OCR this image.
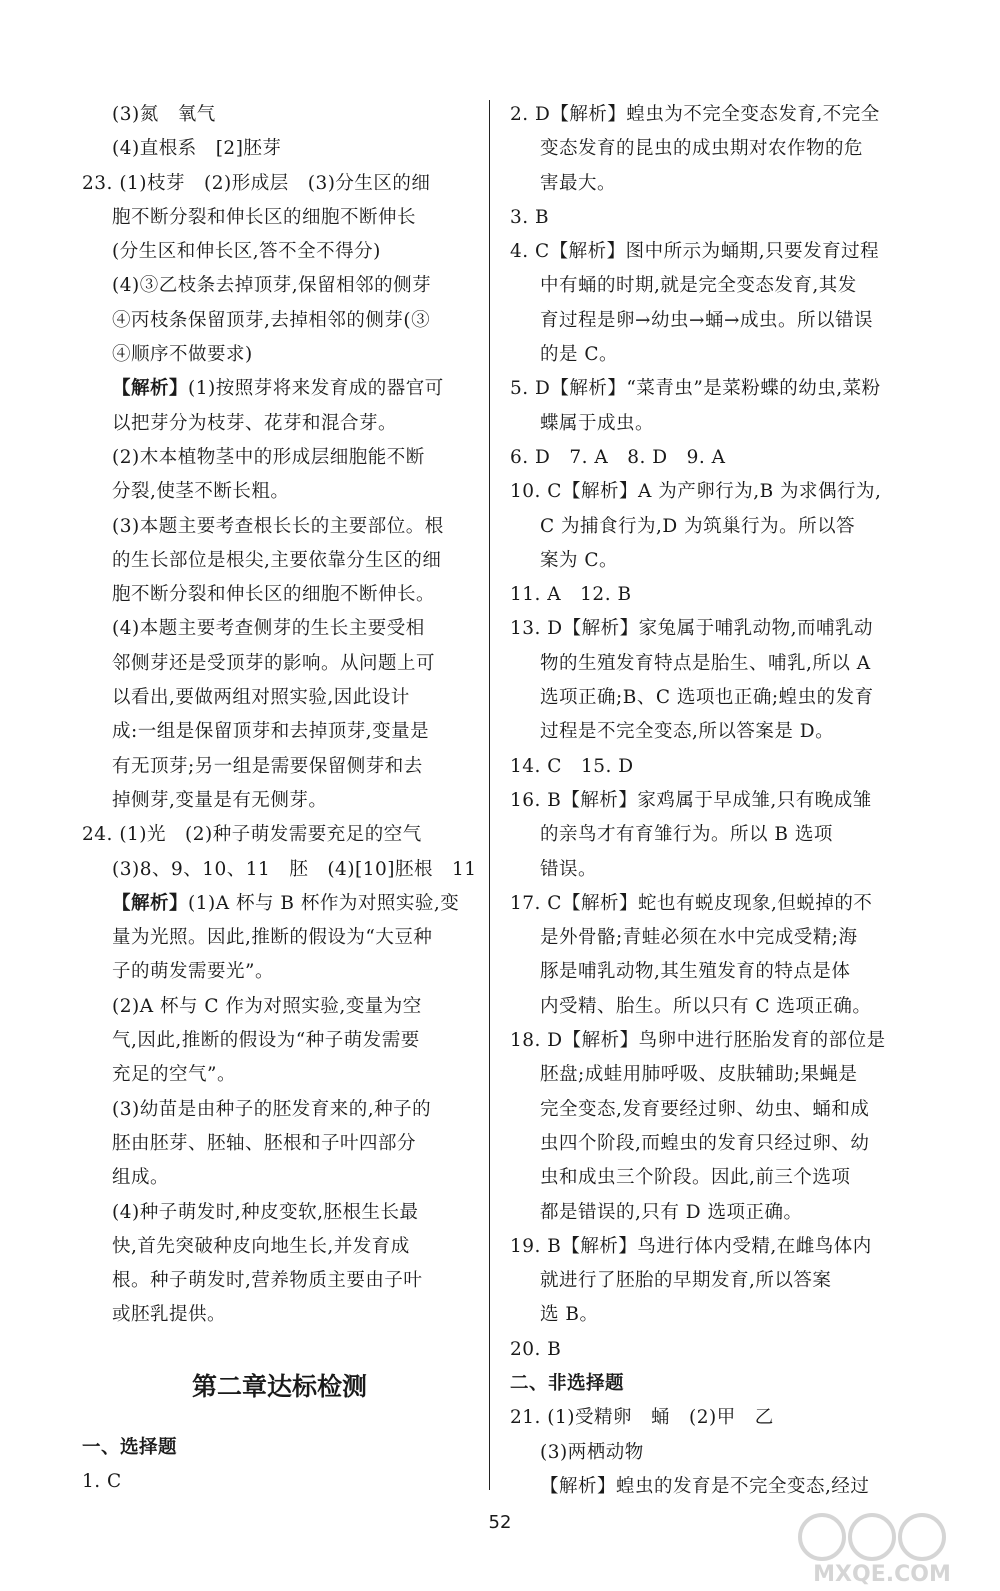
(3)氮　氧气
(4)直根系　[2]胚芽
23. (1)枝芽　(2)形成层　(3)分生区的细
胞不断分裂和伸长区的细胞不断伸长
(分生区和伸长区,答不全不得分)
(4)③乙枝条去掉顶芽,保留相邻的侧芽
④丙枝条保留顶芽,去掉相邻的侧芽(③
④顺序不做要求)
【解析】(1)按照芽将来发育成的器官可
以把芽分为枝芽、花芽和混合芽。
(2)木本植物茎中的形成层细胞能不断
分裂,使茎不断长粗。
(3)本题主要考查根长长的主要部位。根
的生长部位是根尖,主要依靠分生区的细
胞不断分裂和伸长区的细胞不断伸长。
(4)本题主要考查侧芽的生长主要受相
邻侧芽还是受顶芽的影响。从问题上可
以看出,要做两组对照实验,因此设计
成:一组是保留顶芽和去掉顶芽,变量是
有无顶芽;另一组是需要保留侧芽和去
掉侧芽,变量是有无侧芽。
24. (1)光　(2)种子萌发需要充足的空气
(3)8、9、10、11　胚　(4)[10]胚根　11
【解析】(1)A 杯与 B 杯作为对照实验,变
量为光照。因此,推断的假设为“大豆种
子的萌发需要光”。
(2)A 杯与 C 作为对照实验,变量为空
气,因此,推断的假设为“种子萌发需要
充足的空气”。
(3)幼苗是由种子的胚发育来的,种子的
胚由胚芽、胚轴、胚根和子叶四部分
组成。
(4)种子萌发时,种皮变软,胚根生长最
快,首先突破种皮向地生长,并发育成
根。种子萌发时,营养物质主要由子叶
或胚乳提供。
第二章达标检测
一、选择题
1. C
2. D【解析】蝗虫为不完全变态发育,不完全
变态发育的昆虫的成虫期对农作物的危
害最大。
3. B
4. C【解析】图中所示为蛹期,只要发育过程
中有蛹的时期,就是完全变态发育,其发
育过程是卵→幼虫→蛹→成虫。所以错误
的是 C。
5. D【解析】“菜青虫”是菜粉蝶的幼虫,菜粉
蝶属于成虫。
6. D　7. A　8. D　9. A
10. C【解析】A 为产卵行为,B 为求偶行为,
C 为捕食行为,D 为筑巢行为。所以答
案为 C。
11. A　12. B
13. D【解析】家兔属于哺乳动物,而哺乳动
物的生殖发育特点是胎生、哺乳,所以 A
选项正确;B、C 选项也正确;蝗虫的发育
过程是不完全变态,所以答案是 D。
14. C　15. D
16. B【解析】家鸡属于早成雏,只有晚成雏
的亲鸟才有育雏行为。所以 B 选项
错误。
17. C【解析】蛇也有蜕皮现象,但蜕掉的不
是外骨骼;青蛙必须在水中完成受精;海
豚是哺乳动物,其生殖发育的特点是体
内受精、胎生。所以只有 C 选项正确。
18. D【解析】鸟卵中进行胚胎发育的部位是
胚盘;成蛙用肺呼吸、皮肤辅助;果蝇是
完全变态,发育要经过卵、幼虫、蛹和成
虫四个阶段,而蝗虫的发育只经过卵、幼
虫和成虫三个阶段。因此,前三个选项
都是错误的,只有 D 选项正确。
19. B【解析】鸟进行体内受精,在雌鸟体内
就进行了胚胎的早期发育,所以答案
选 B。
20. B
二、非选择题
21. (1)受精卵　蛹　(2)甲　乙
(3)两栖动物
【解析】蝗虫的发育是不完全变态,经过
52
MXQE.COM
